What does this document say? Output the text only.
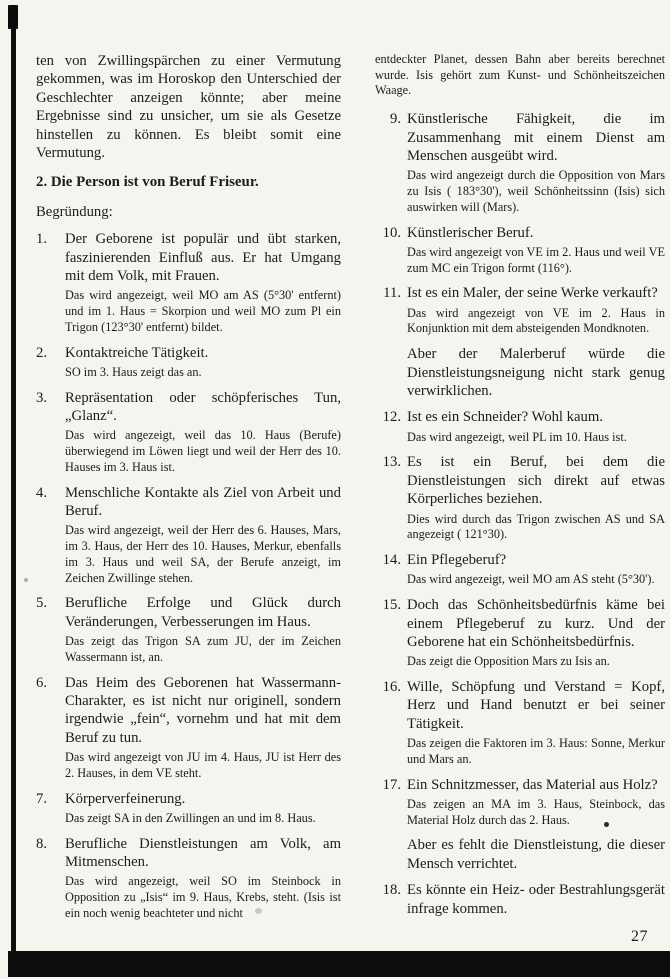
ten von Zwillingspärchen zu einer Vermutung gekommen, was im Horoskop den Unterschied der Geschlechter anzeigen könnte; aber meine Ergebnisse sind zu unsicher, um sie als Gesetze hinstellen zu können. Es bleibt somit eine Vermutung.

2. Die Person ist von Beruf Friseur.

Begründung:

1.	Der Geborene ist populär und übt starken, faszinierenden Einfluß aus. Er hat Umgang mit dem Volk, mit Frauen.

Das wird angezeigt, weil MO am AS (5°30' entfernt) und im 1. Haus = Skorpion und weil MO zum Pl ein Trigon (123°30' entfernt) bildet.

2.	Kontaktreiche Tätigkeit.

SO im 3. Haus zeigt das an.

3.	Repräsentation oder schöpferisches Tun, „Glanz“.

Das wird angezeigt, weil das 10. Haus (Berufe) überwiegend im Löwen liegt und weil der Herr des 10. Hauses im 3. Haus ist.

4.	Menschliche Kontakte als Ziel von Arbeit und Beruf.

Das wird angezeigt, weil der Herr des 6. Hauses, Mars, im 3. Haus, der Herr des 10. Hauses, Merkur, ebenfalls im 3. Haus und weil SA, der Berufe anzeigt, im Zeichen Zwillinge stehen.

5.	Berufliche Erfolge und Glück durch Veränderungen, Verbesserungen im Haus.

Das zeigt das Trigon SA zum JU, der im Zeichen Wassermann ist, an.

6.	Das Heim des Geborenen hat Wassermann-Charakter, es ist nicht nur originell, sondern irgendwie „fein“, vornehm und hat mit dem Beruf zu tun.

Das wird angezeigt von JU im 4. Haus, JU ist Herr des 2. Hauses, in dem VE steht.

7.	Körperverfeinerung.

Das zeigt SA in den Zwillingen an und im 8. Haus.

8.	Berufliche Dienstleistungen am Volk, am Mitmenschen.

Das wird angezeigt, weil SO im Steinbock in Opposition zu „Isis“ im 9. Haus, Krebs, steht. (Isis ist ein noch wenig beachteter und nicht

entdeckter Planet, dessen Bahn aber bereits berechnet wurde. Isis gehört zum Kunst- und Schönheitszeichen Waage.

9. Künstlerische Fähigkeit, die im Zusammenhang mit einem Dienst am Menschen ausgeübt wird.

Das wird angezeigt durch die Opposition von Mars zu Isis ( 183°30'), weil Schönheitssinn (Isis) sich auswirken will (Mars).

10. Künstlerischer Beruf.

Das wird angezeigt von VE im 2. Haus und weil VE zum MC ein Trigon formt (116°).

11. Ist es ein Maler, der seine Werke verkauft?

Das wird angezeigt von VE im 2. Haus in Konjunktion mit dem absteigenden Mondknoten.

Aber der Malerberuf würde die Dienstleistungsneigung nicht stark genug verwirklichen.

12. Ist es ein Schneider? Wohl kaum.

Das wird angezeigt, weil PL im 10. Haus ist.

13. Es ist ein Beruf, bei dem die Dienstleistungen sich direkt auf etwas Körperliches beziehen.

Dies wird durch das Trigon zwischen AS und SA angezeigt ( 121°30).

14. Ein Pflegeberuf?

Das wird angezeigt, weil MO am AS steht (5°30').

15. Doch das Schönheitsbedürfnis käme bei einem Pflegeberuf zu kurz. Und der Geborene hat ein Schönheitsbedürfnis.

Das zeigt die Opposition Mars zu Isis an.

16. Wille, Schöpfung und Verstand = Kopf, Herz und Hand benutzt er bei seiner Tätigkeit.

Das zeigen die Faktoren im 3. Haus: Sonne, Merkur und Mars an.

17. Ein Schnitzmesser, das Material aus Holz?

Das zeigen an MA im 3. Haus, Steinbock, das Material Holz durch das 2. Haus.

Aber es fehlt die Dienstleistung, die dieser Mensch verrichtet.

18. Es könnte ein Heiz- oder Bestrahlungsgerät infrage kommen.

27
